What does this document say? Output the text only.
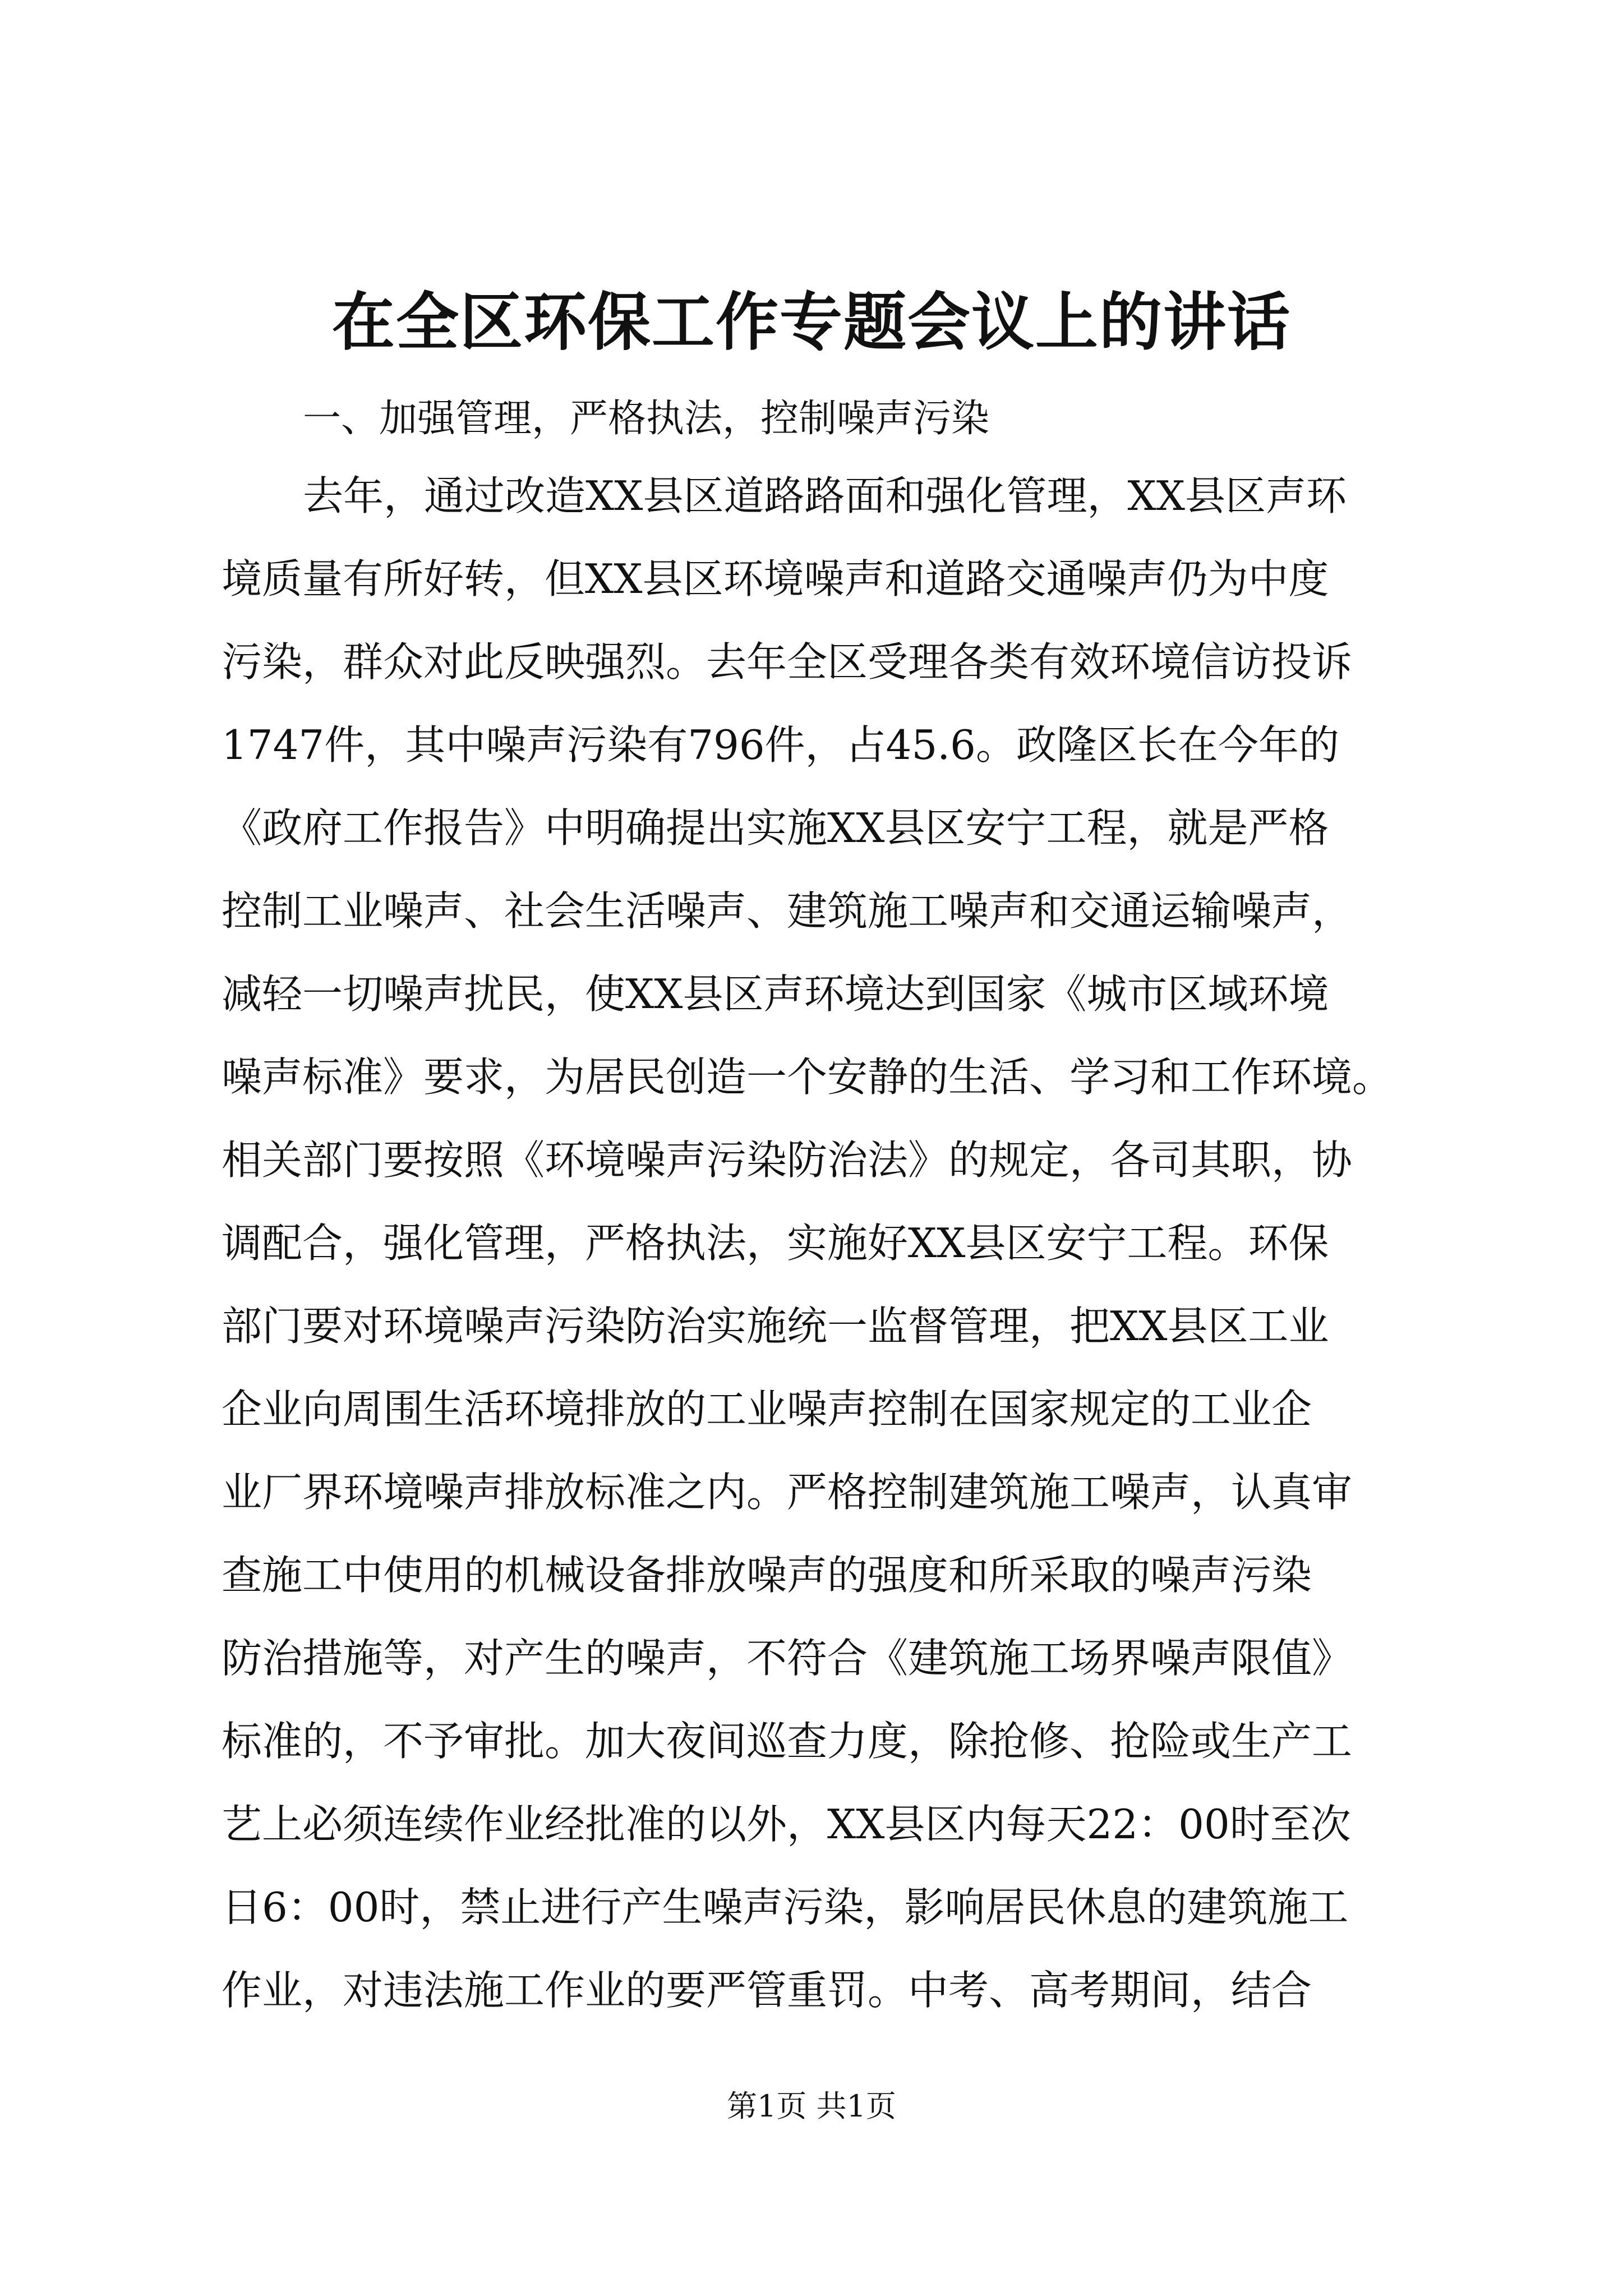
在全区环保工作专题会议上的讲话
一、加强管理，严格执法，控制噪声污染
去年，通过改造XX县区道路路面和强化管理，XX县区声环
境质量有所好转，但XX县区环境噪声和道路交通噪声仍为中度
污染，群众对此反映强烈。去年全区受理各类有效环境信访投诉
1747件，其中噪声污染有796件，占45.6。政隆区长在今年的
《政府工作报告》中明确提出实施XX县区安宁工程，就是严格
控制工业噪声、社会生活噪声、建筑施工噪声和交通运输噪声，
减轻一切噪声扰民，使XX县区声环境达到国家《城市区域环境
噪声标准》要求，为居民创造一个安静的生活、学习和工作环境。
相关部门要按照《环境噪声污染防治法》的规定，各司其职，协
调配合，强化管理，严格执法，实施好XX县区安宁工程。环保
部门要对环境噪声污染防治实施统一监督管理，把XX县区工业
企业向周围生活环境排放的工业噪声控制在国家规定的工业企
业厂界环境噪声排放标准之内。严格控制建筑施工噪声，认真审
查施工中使用的机械设备排放噪声的强度和所采取的噪声污染
防治措施等，对产生的噪声，不符合《建筑施工场界噪声限值》
标准的，不予审批。加大夜间巡查力度，除抢修、抢险或生产工
艺上必须连续作业经批准的以外，XX县区内每天22：00时至次
日6：00时，禁止进行产生噪声污染，影响居民休息的建筑施工
作业，对违法施工作业的要严管重罚。中考、高考期间，结合
第1页 共1页
